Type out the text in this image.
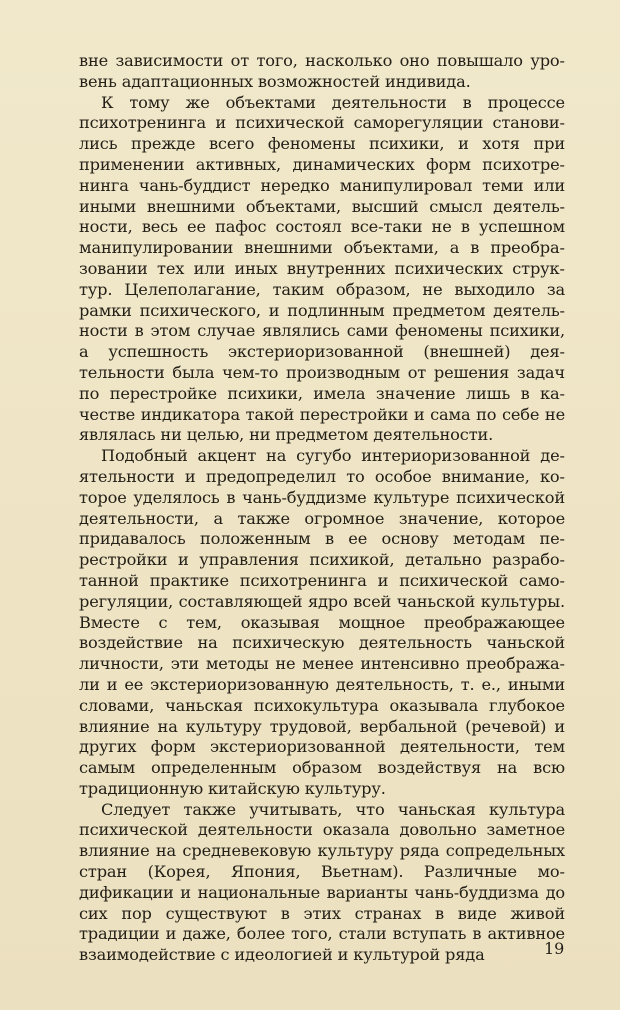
вне зависимости от того, насколько оно повышало уровень адаптационных возможностей индивида.

К тому же объектами деятельности в процессе психотренинга и психической саморегуляции становились прежде всего феномены психики, и хотя при применении активных, динамических форм психотренинга чань-буддист нередко манипулировал теми или иными внешними объектами, высший смысл деятельности, весь ее пафос состоял все-таки не в успешном манипулировании внешними объектами, а в преобразовании тех или иных внутренних психических структур. Целеполагание, таким образом, не выходило за рамки психического, и подлинным предметом деятельности в этом случае являлись сами феномены психики, а успешность экстериоризованной (внешней) деятельности была чем-то производным от решения задач по перестройке психики, имела значение лишь в качестве индикатора такой перестройки и сама по себе не являлась ни целью, ни предметом деятельности.

Подобный акцент на сугубо интериоризованной деятельности и предопределил то особое внимание, которое уделялось в чань-буддизме культуре психической деятельности, а также огромное значение, которое придавалось положенным в ее основу методам перестройки и управления психикой, детально разработанной практике психотренинга и психической саморегуляции, составляющей ядро всей чаньской культуры. Вместе с тем, оказывая мощное преображающее воздействие на психическую деятельность чаньской личности, эти методы не менее интенсивно преображали и ее экстериоризованную деятельность, т. е., иными словами, чаньская психокультура оказывала глубокое влияние на культуру трудовой, вербальной (речевой) и других форм экстериоризованной деятельности, тем самым определенным образом воздействуя на всю традиционную китайскую культуру.

Следует также учитывать, что чаньская культура психической деятельности оказала довольно заметное влияние на средневековую культуру ряда сопредельных стран (Корея, Япония, Вьетнам). Различные модификации и национальные варианты чань-буддизма до сих пор существуют в этих странах в виде живой традиции и даже, более того, стали вступать в активное взаимодействие с идеологией и культурой ряда	19
